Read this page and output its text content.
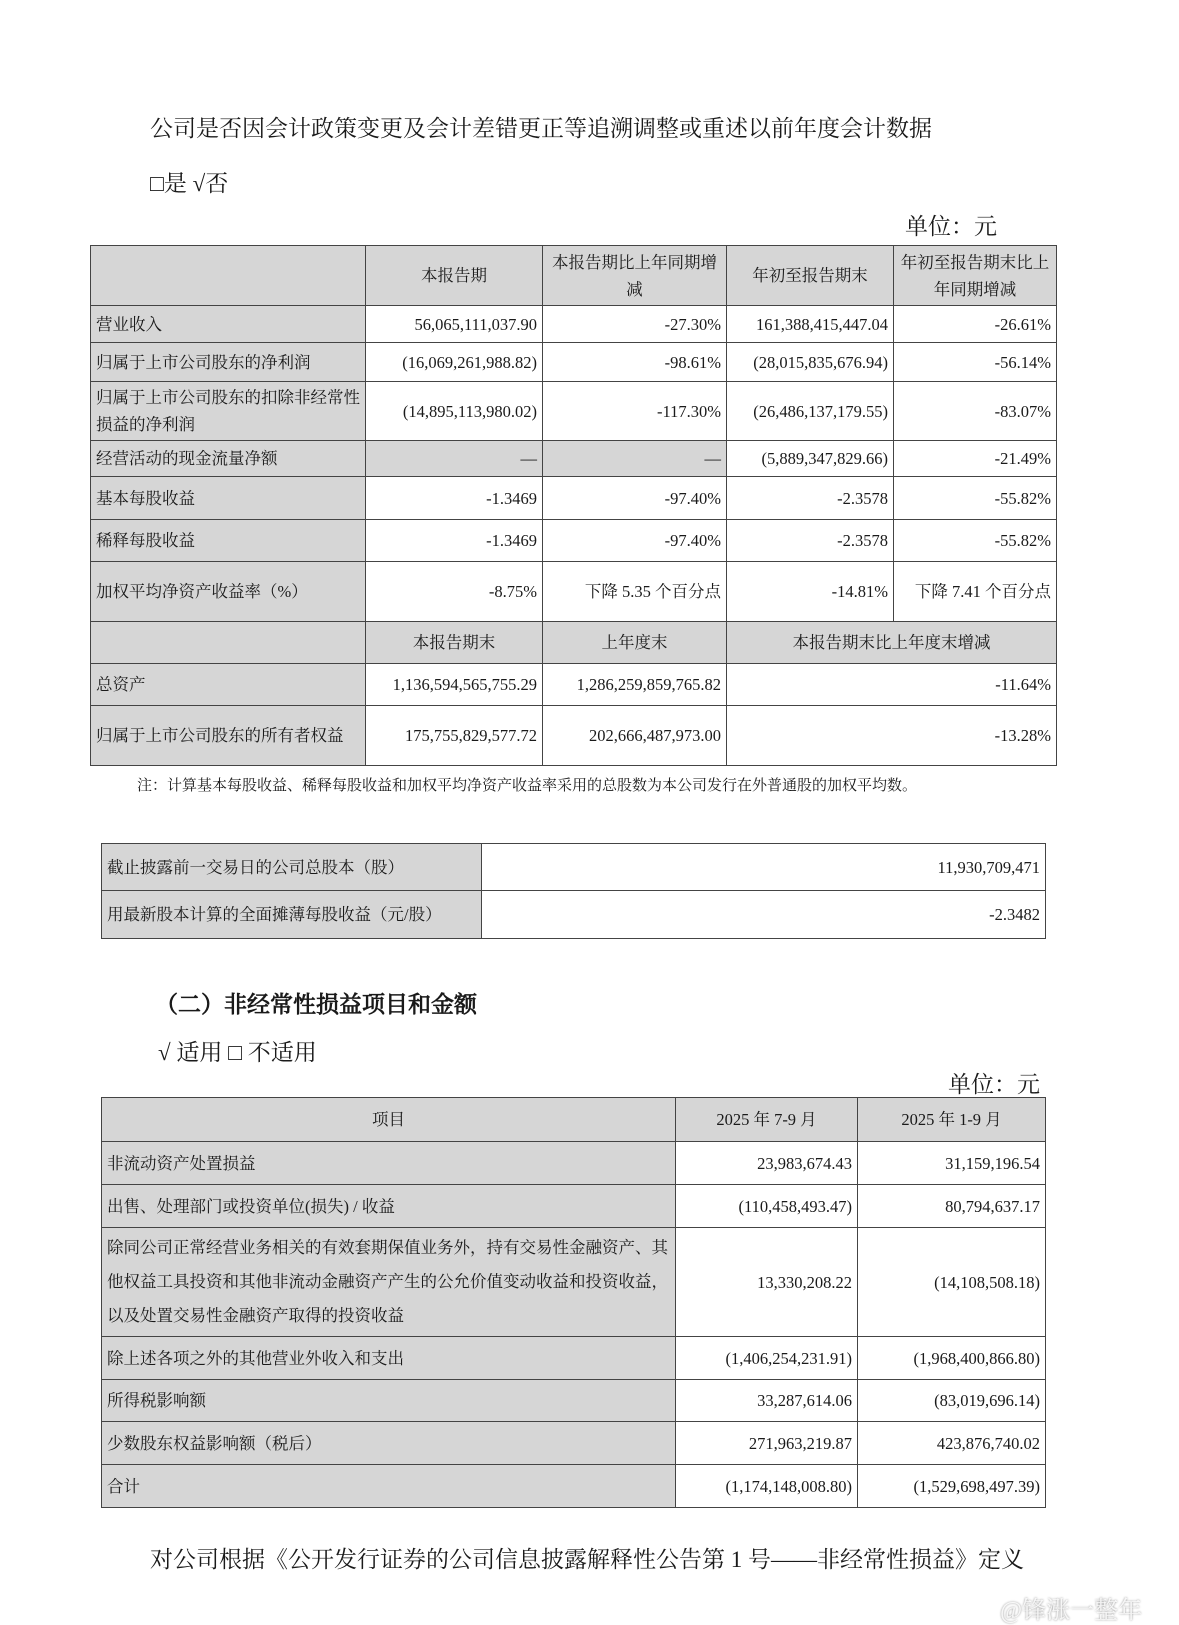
公司是否因会计政策变更及会计差错更正等追溯调整或重述以前年度会计数据
□是 √否
单位：元
	本报告期	本报告期比上年同期增减	年初至报告期末	年初至报告期末比上年同期增减
营业收入	56,065,111,037.90	-27.30%	161,388,415,447.04	-26.61%
归属于上市公司股东的净利润	(16,069,261,988.82)	-98.61%	(28,015,835,676.94)	-56.14%
归属于上市公司股东的扣除非经常性损益的净利润	(14,895,113,980.02)	-117.30%	(26,486,137,179.55)	-83.07%
经营活动的现金流量净额	—	—	(5,889,347,829.66)	-21.49%
基本每股收益	-1.3469	-97.40%	-2.3578	-55.82%
稀释每股收益	-1.3469	-97.40%	-2.3578	-55.82%
加权平均净资产收益率（%）	-8.75%	下降 5.35 个百分点	-14.81%	下降 7.41 个百分点
	本报告期末	上年度末	本报告期末比上年度末增减	
总资产	1,136,594,565,755.29	1,286,259,859,765.82	-11.64%	
归属于上市公司股东的所有者权益	175,755,829,577.72	202,666,487,973.00	-13.28%	
注：计算基本每股收益、稀释每股收益和加权平均净资产收益率采用的总股数为本公司发行在外普通股的加权平均数。
截止披露前一交易日的公司总股本（股）	11,930,709,471
用最新股本计算的全面摊薄每股收益（元/股）	-2.3482
（二）非经常性损益项目和金额
√ 适用 □ 不适用
单位：元
项目	2025 年 7-9 月	2025 年 1-9 月
非流动资产处置损益	23,983,674.43	31,159,196.54
出售、处理部门或投资单位(损失) / 收益	(110,458,493.47)	80,794,637.17
除同公司正常经营业务相关的有效套期保值业务外，持有交易性金融资产、其他权益工具投资和其他非流动金融资产产生的公允价值变动收益和投资收益，以及处置交易性金融资产取得的投资收益	13,330,208.22	(14,108,508.18)
除上述各项之外的其他营业外收入和支出	(1,406,254,231.91)	(1,968,400,866.80)
所得税影响额	33,287,614.06	(83,019,696.14)
少数股东权益影响额（税后）	271,963,219.87	423,876,740.02
合计	(1,174,148,008.80)	(1,529,698,497.39)
对公司根据《公开发行证券的公司信息披露解释性公告第 1 号——非经常性损益》定义
@锋涨一整年
